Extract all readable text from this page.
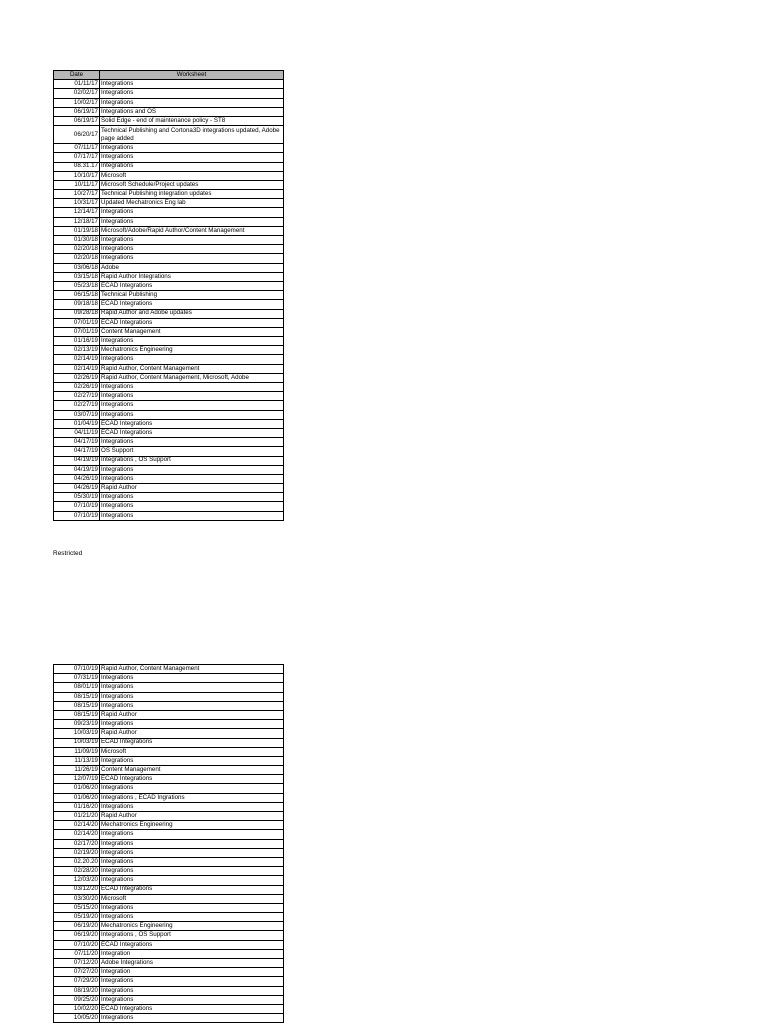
Date	Worksheet
01/11/17	Integrations
02/02/17	Integrations
10/02/17	Integrations
06/19/17	Integrations and OS
06/19/17	Solid Edge - end of maintenance policy - ST8
06/20/17	Technical Publishing and Cortona3D integrations updated, Adobe page added
07/11/17	Integrations
07/17/17	Integrations
08.31.17	Integrations
10/10/17	Microsoft
10/11/17	Microsoft Schedule/Project updates
10/27/17	Technical Publishing integration updates
10/31/17	Updated Mechatronics Eng lab
12/14/17	Integrations
12/18/17	Integrations
01/19/18	Microsoft/Adobe/Rapid Author/Content Management
01/30/18	Integrations
02/20/18	Integrations
02/20/18	Integrations
03/06/18	Adobe
03/15/18	Rapid Author Integrations
05/23/18	ECAD Integrations
06/15/18	Technical Publishing
09/18/18	ECAD Integrations
09/28/18	Rapid Author and Adobe updates
07/01/19	ECAD Integrations
07/01/19	Content Management
01/16/19	Integrations
02/13/19	Mechatronics Engineering
02/14/19	Integrations
02/14/19	Rapid Author, Content Management
02/26/19	Rapid Author, Content Management, Microsoft, Adobe
02/26/19	Integrations
02/27/19	Integrations
02/27/19	Integrations
03/07/19	Integrations
01/04/19	ECAD Integrations
04/11/19	ECAD Integrations
04/17/19	Integrations
04/17/19	OS Support
04/19/19	Integrations , OS Support
04/19/19	Integrations
04/26/19	Integrations
04/26/19	Rapid Author
05/30/19	Integrations
07/10/19	Integrations
07/10/19	Integrations
Restricted
07/10/19	Rapid Author, Content Management
07/31/19	Integrations
08/01/19	Integrations
08/15/19	Integrations
08/15/19	Integrations
08/15/19	Rapid Author
09/23/19	Integrations
10/03/19	Rapid Author
10/03/19	ECAD Integrations
11/09/19	Microsoft
11/13/19	Integrations
11/26/19	Content Management
12/07/19	ECAD Integrations
01/06/20	Integrations
01/06/20	Integrations , ECAD Ingrations
01/16/20	Integrations
01/21/20	Rapid Author
02/14/20	Mechatronics Engineering
02/14/20	Integrations
02/17/20	Integrations
02/19/20	Integrations
02.20.20	Integrations
02/28/20	Integrations
12/03/20	Integrations
03/12/20	ECAD Integrations
03/30/20	Microsoft
05/15/20	Integrations
05/19/20	Integrations
06/19/20	Mechatronics Engineering
06/19/20	Integrations , OS Support
07/10/20	ECAD Integrations
07/11/20	Integration
07/12/20	Adobe Integrations
07/27/20	Integration
07/29/20	Integrations
08/19/20	Integrations
09/25/20	Integrations
10/02/20	ECAD Integrations
10/05/20	Integrations
